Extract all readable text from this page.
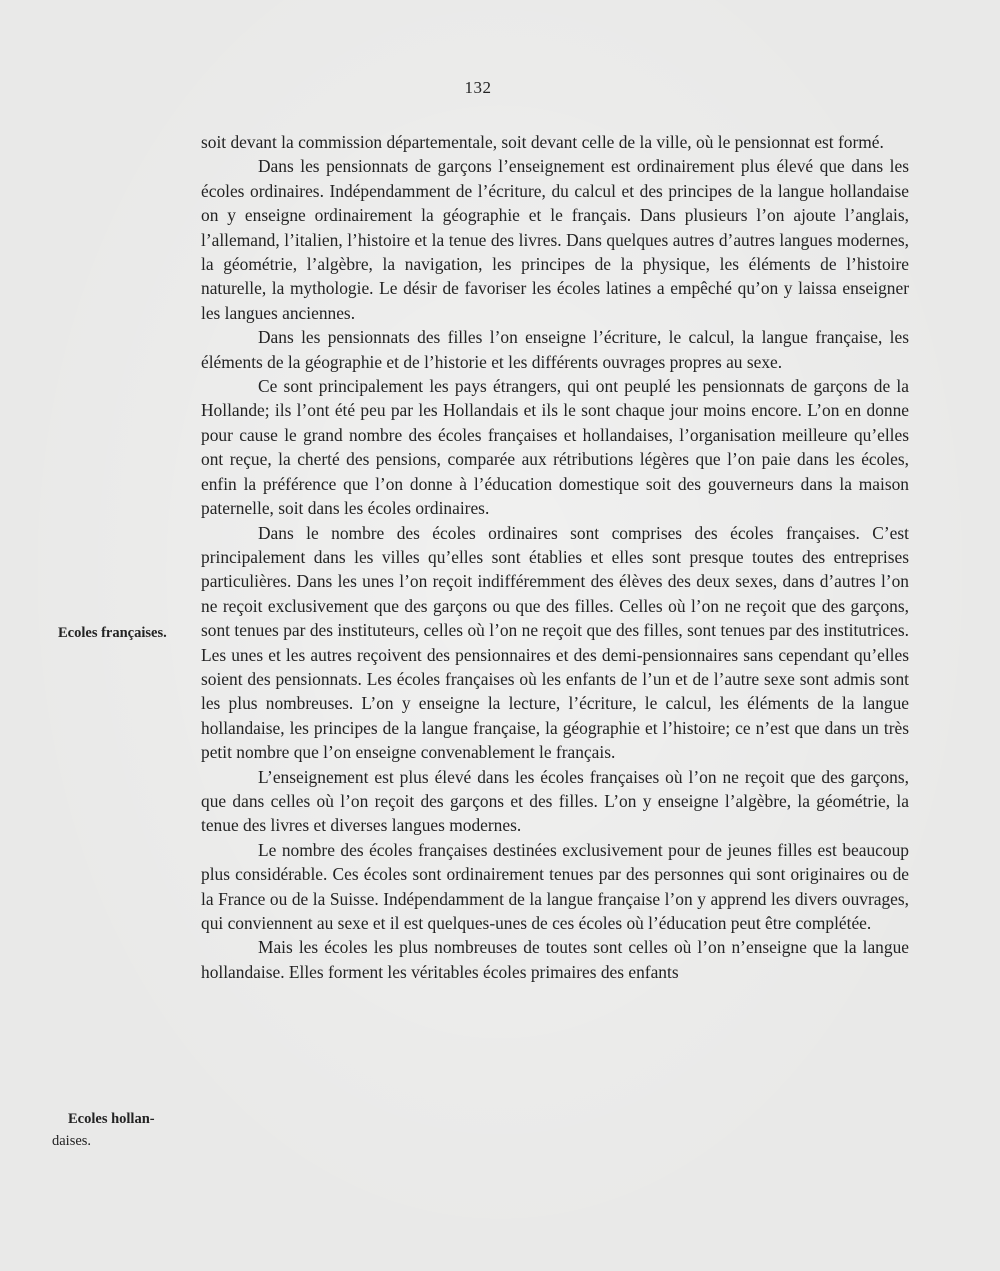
132
Ecoles françaises.
Ecoles hollan-
daises.

soit devant la commission départementale, soit devant celle de la ville, où le pensionnat est formé.

Dans les pensionnats de garçons l’enseignement est ordinairement plus élevé que dans les écoles ordinaires. Indépendamment de l’écriture, du calcul et des principes de la langue hollandaise on y enseigne ordinairement la géographie et le français. Dans plusieurs l’on ajoute l’anglais, l’allemand, l’italien, l’histoire et la tenue des livres. Dans quelques autres d’autres langues modernes, la géométrie, l’algèbre, la navigation, les principes de la physique, les éléments de l’histoire naturelle, la mythologie. Le désir de favoriser les écoles latines a empêché qu’on y laissa enseigner les langues anciennes.

Dans les pensionnats des filles l’on enseigne l’écriture, le calcul, la langue française, les éléments de la géographie et de l’historie et les différents ouvrages propres au sexe.

Ce sont principalement les pays étrangers, qui ont peuplé les pensionnats de garçons de la Hollande; ils l’ont été peu par les Hollandais et ils le sont chaque jour moins encore. L’on en donne pour cause le grand nombre des écoles françaises et hollandaises, l’organisation meilleure qu’elles ont reçue, la cherté des pensions, comparée aux rétributions légères que l’on paie dans les écoles, enfin la préférence que l’on donne à l’éducation domestique soit des gouverneurs dans la maison paternelle, soit dans les écoles ordinaires.

Dans le nombre des écoles ordinaires sont comprises des écoles françaises. C’est principalement dans les villes qu’elles sont établies et elles sont presque toutes des entreprises particulières. Dans les unes l’on reçoit indifféremment des élèves des deux sexes, dans d’autres l’on ne reçoit exclusivement que des garçons ou que des filles. Celles où l’on ne reçoit que des garçons, sont tenues par des instituteurs, celles où l’on ne reçoit que des filles, sont tenues par des institutrices. Les unes et les autres reçoivent des pensionnaires et des demi-pensionnaires sans cependant qu’elles soient des pensionnats. Les écoles françaises où les enfants de l’un et de l’autre sexe sont admis sont les plus nombreuses. L’on y enseigne la lecture, l’écriture, le calcul, les éléments de la langue hollandaise, les principes de la langue française, la géographie et l’histoire; ce n’est que dans un très petit nombre que l’on enseigne convenablement le français.

L’enseignement est plus élevé dans les écoles françaises où l’on ne reçoit que des garçons, que dans celles où l’on reçoit des garçons et des filles. L’on y enseigne l’algèbre, la géométrie, la tenue des livres et diverses langues modernes.

Le nombre des écoles françaises destinées exclusivement pour de jeunes filles est beaucoup plus considérable. Ces écoles sont ordinairement tenues par des personnes qui sont originaires ou de la France ou de la Suisse. Indépendamment de la langue française l’on y apprend les divers ouvrages, qui conviennent au sexe et il est quelques-unes de ces écoles où l’éducation peut être complétée.

Mais les écoles les plus nombreuses de toutes sont celles où l’on n’enseigne que la langue hollandaise. Elles forment les véritables écoles primaires des enfants
